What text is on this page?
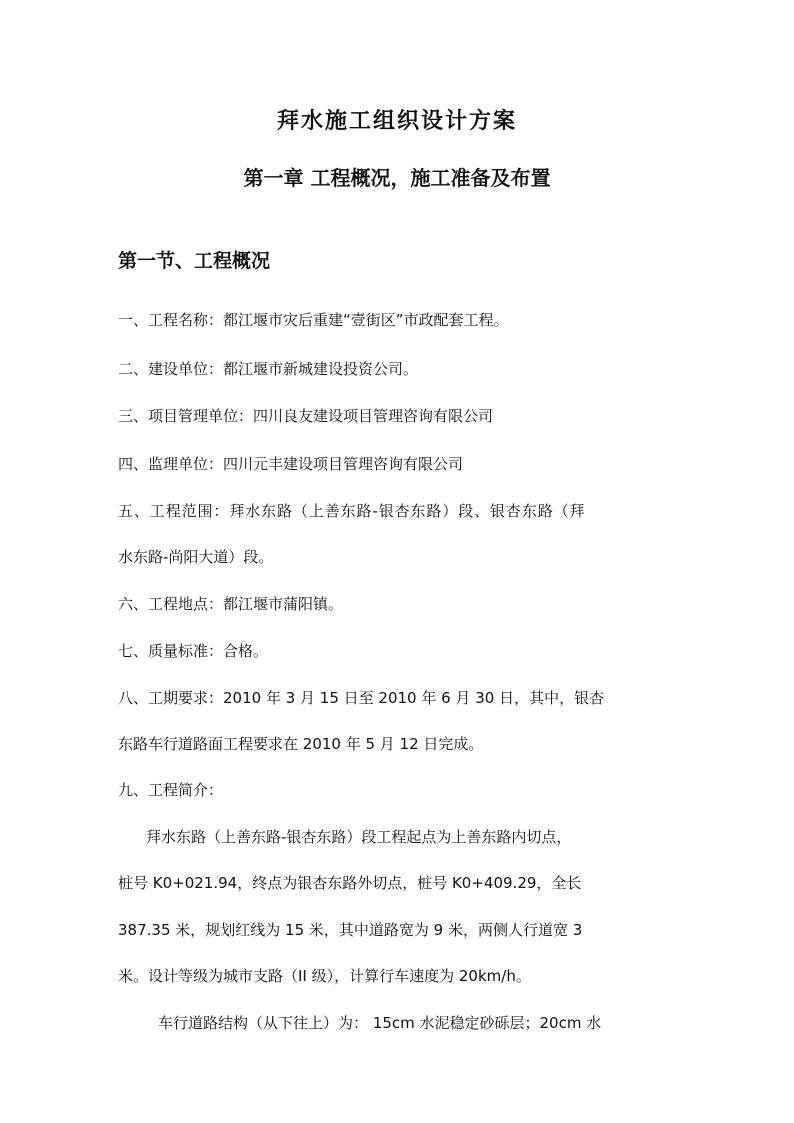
拜水施工组织设计方案
第一章 工程概况，施工准备及布置
第一节、工程概况

一、工程名称：都江堰市灾后重建“壹街区”市政配套工程。

二、建设单位：都江堰市新城建设投资公司。

三、项目管理单位：四川良友建设项目管理咨询有限公司

四、监理单位：四川元丰建设项目管理咨询有限公司

五、工程范围：拜水东路（上善东路-银杏东路）段、银杏东路（拜

水东路-尚阳大道）段。

六、工程地点：都江堰市蒲阳镇。

七、质量标准：合格。

八、工期要求：2010 年 3 月 15 日至 2010 年 6 月 30 日，其中，银杏

东路车行道路面工程要求在 2010 年 5 月 12 日完成。

九、工程简介：

拜水东路（上善东路-银杏东路）段工程起点为上善东路内切点，

桩号 K0+021.94，终点为银杏东路外切点，桩号 K0+409.29，全长

387.35 米，规划红线为 15 米，其中道路宽为 9 米，两侧人行道宽 3

米。设计等级为城市支路（II 级），计算行车速度为 20km/h。

车行道路结构（从下往上）为： 15cm 水泥稳定砂砾层；20cm 水
